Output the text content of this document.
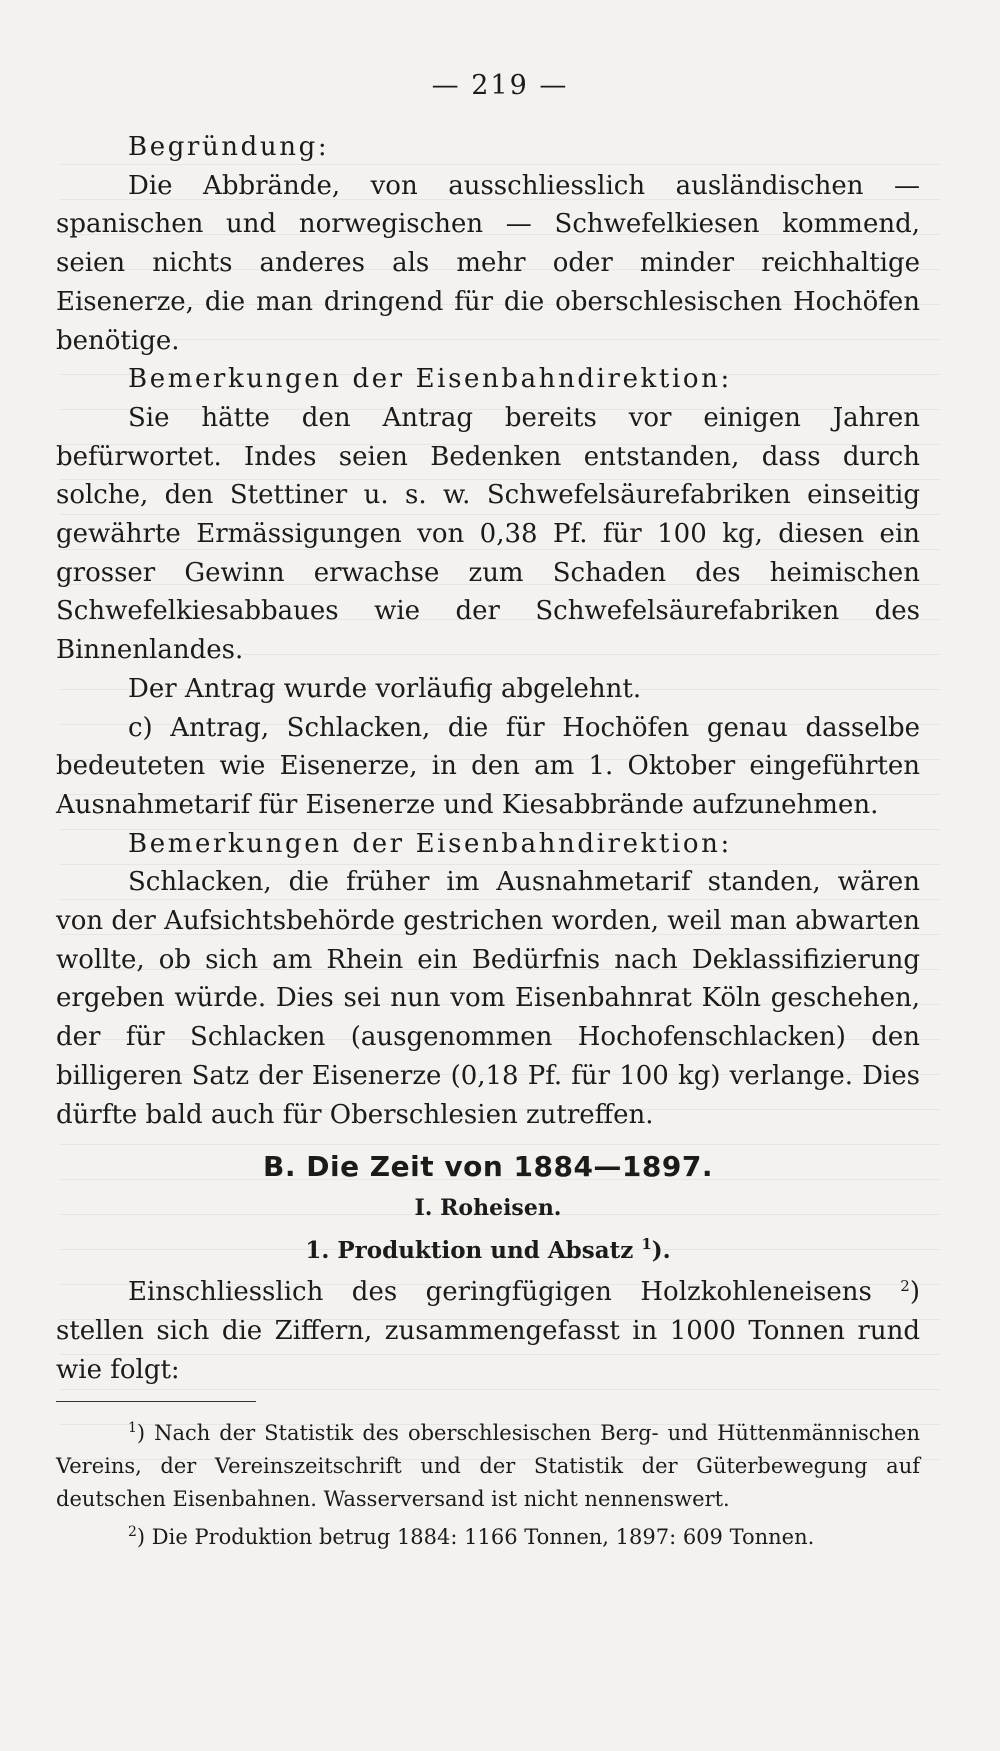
— 219 —

Begründung:

Die Abbrände, von ausschliesslich ausländischen — spanischen und norwegischen — Schwefelkiesen kommend, seien nichts anderes als mehr oder minder reichhaltige Eisenerze, die man dringend für die oberschlesischen Hochöfen benötige.

Bemerkungen der Eisenbahndirektion:

Sie hätte den Antrag bereits vor einigen Jahren befürwortet. Indes seien Bedenken entstanden, dass durch solche, den Stettiner u. s. w. Schwefelsäurefabriken einseitig gewährte Ermässigungen von 0,38 Pf. für 100 kg, diesen ein grosser Gewinn erwachse zum Schaden des heimischen Schwefelkiesabbaues wie der Schwefelsäurefabriken des Binnenlandes.

Der Antrag wurde vorläufig abgelehnt.

c) Antrag, Schlacken, die für Hochöfen genau dasselbe bedeuteten wie Eisenerze, in den am 1. Oktober eingeführten Ausnahmetarif für Eisenerze und Kiesabbrände aufzunehmen.

Bemerkungen der Eisenbahndirektion:

Schlacken, die früher im Ausnahmetarif standen, wären von der Aufsichtsbehörde gestrichen worden, weil man abwarten wollte, ob sich am Rhein ein Bedürfnis nach Deklassifizierung ergeben würde. Dies sei nun vom Eisenbahnrat Köln geschehen, der für Schlacken (ausgenommen Hochofenschlacken) den billigeren Satz der Eisenerze (0,18 Pf. für 100 kg) verlange. Dies dürfte bald auch für Oberschlesien zutreffen.

B. Die Zeit von 1884—1897.
I. Roheisen.
1. Produktion und Absatz $^1$).

Einschliesslich des geringfügigen Holzkohleneisens $^2$) stellen sich die Ziffern, zusammengefasst in 1000 Tonnen rund wie folgt:

$^1$) Nach der Statistik des oberschlesischen Berg- und Hüttenmännischen Vereins, der Vereinszeitschrift und der Statistik der Güterbewegung auf deutschen Eisenbahnen. Wasserversand ist nicht nennenswert.

$^2$) Die Produktion betrug 1884: 1166 Tonnen, 1897: 609 Tonnen.
